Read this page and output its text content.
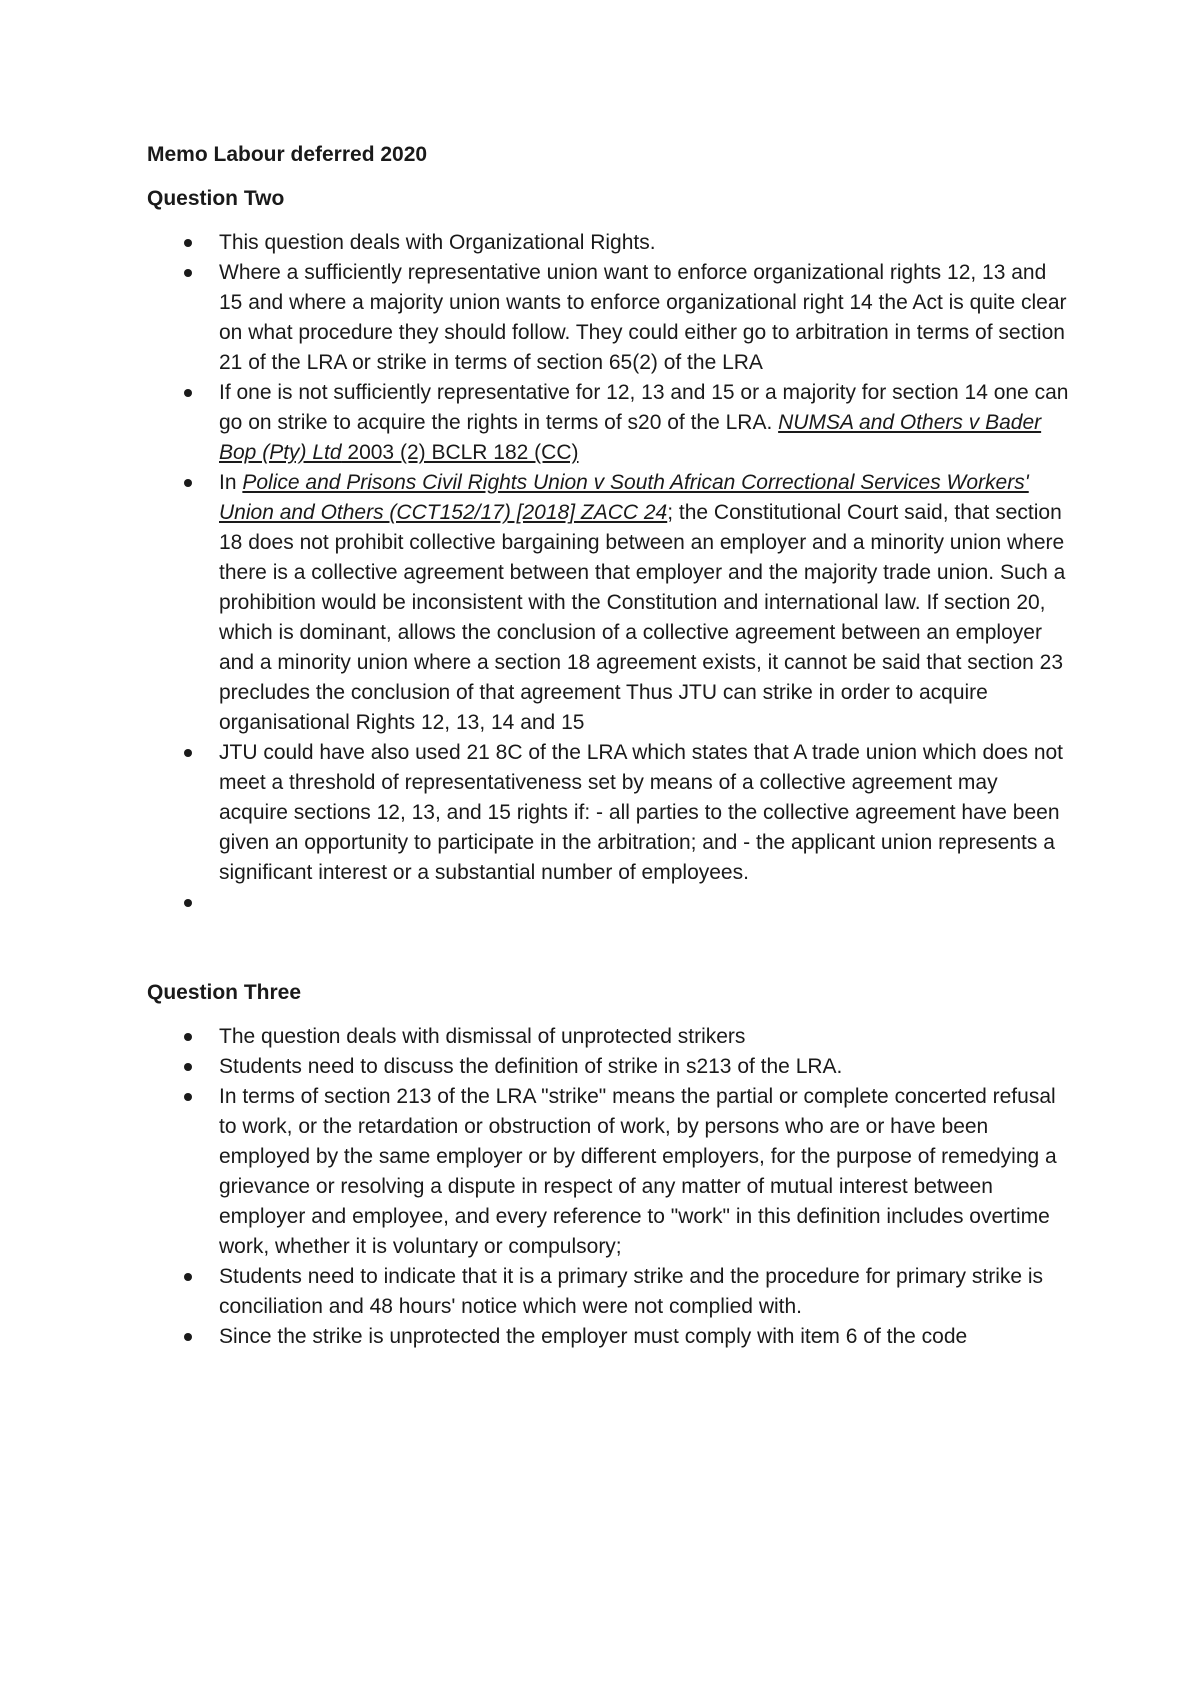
Memo Labour deferred 2020
Question Two
This question deals with Organizational Rights.
Where a sufficiently representative union want to enforce organizational rights 12, 13 and 15 and where a majority union wants to enforce organizational right 14 the Act is quite clear on what procedure they should follow. They could either go to arbitration in terms of section 21 of the LRA or strike in terms of section 65(2) of the LRA
If one is not sufficiently representative for 12, 13 and 15 or a majority for section 14 one can go on strike to acquire the rights in terms of s20 of the LRA. NUMSA and Others v Bader Bop (Pty) Ltd 2003 (2) BCLR 182 (CC)
In Police and Prisons Civil Rights Union v South African Correctional Services Workers' Union and Others (CCT152/17) [2018] ZACC 24; the Constitutional Court said, that section 18 does not prohibit collective bargaining between an employer and a minority union where there is a collective agreement between that employer and the majority trade union. Such a prohibition would be inconsistent with the Constitution and international law. If section 20, which is dominant, allows the conclusion of a collective agreement between an employer and a minority union where a section 18 agreement exists, it cannot be said that section 23 precludes the conclusion of that agreement Thus JTU can strike in order to acquire organisational Rights 12, 13, 14 and 15
JTU could have also used 21 8C of the LRA which states that A trade union which does not meet a threshold of representativeness set by means of a collective agreement may acquire sections 12, 13, and 15 rights if: - all parties to the collective agreement have been given an opportunity to participate in the arbitration; and - the applicant union represents a significant interest or a substantial number of employees.
Question Three
The question deals with dismissal of unprotected strikers
Students need to discuss the definition of strike in s213 of the LRA.
In terms of section 213 of the LRA "strike" means the partial or complete concerted refusal to work, or the retardation or obstruction of work, by persons who are or have been employed by the same employer or by different employers, for the purpose of remedying a grievance or resolving a dispute in respect of any matter of mutual interest between employer and employee, and every reference to "work" in this definition includes overtime work, whether it is voluntary or compulsory;
Students need to indicate that it is a primary strike and the procedure for primary strike is conciliation and 48 hours' notice which were not complied with.
Since the strike is unprotected the employer must comply with item 6 of the code
